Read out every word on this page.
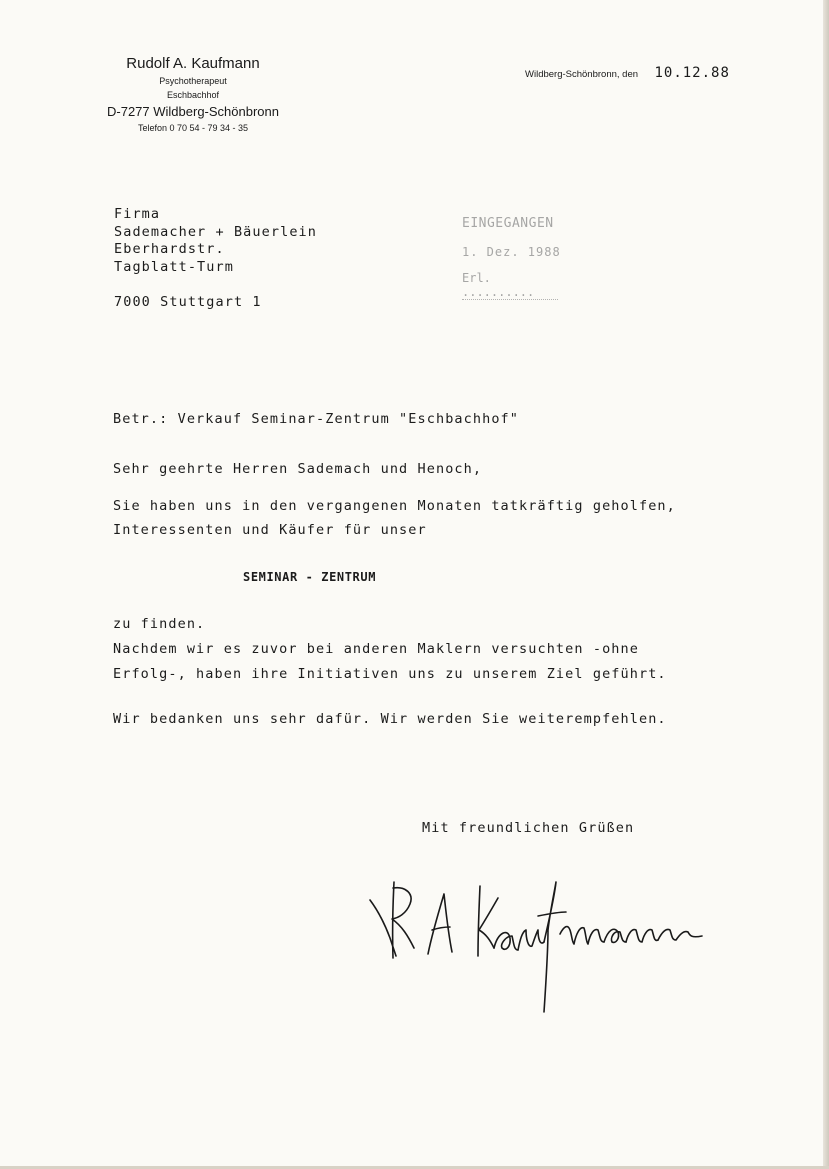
Rudolf A. Kaufmann
Psychotherapeut
Eschbachhof
D-7277 Wildberg-Schönbronn
Telefon 0 70 54 - 79 34 - 35
Wildberg-Schönbronn, den 10.12.88
Firma
Sademacher + Bäuerlein
Eberhardstr.
Tagblatt-Turm
7000 Stuttgart 1
EINGEGANGEN
1. Dez. 1988
Erl. ..........
Betr.: Verkauf Seminar-Zentrum "Eschbachhof"
Sehr geehrte Herren Sademach und Henoch,
Sie haben uns in den vergangenen Monaten tatkräftig geholfen,
Interessenten und Käufer für unser
SEMINAR - ZENTRUM
zu finden.
Nachdem wir es zuvor bei anderen Maklern versuchten -ohne
Erfolg-, haben ihre Initiativen uns zu unserem Ziel geführt.
Wir bedanken uns sehr dafür. Wir werden Sie weiterempfehlen.
Mit freundlichen Grüßen
